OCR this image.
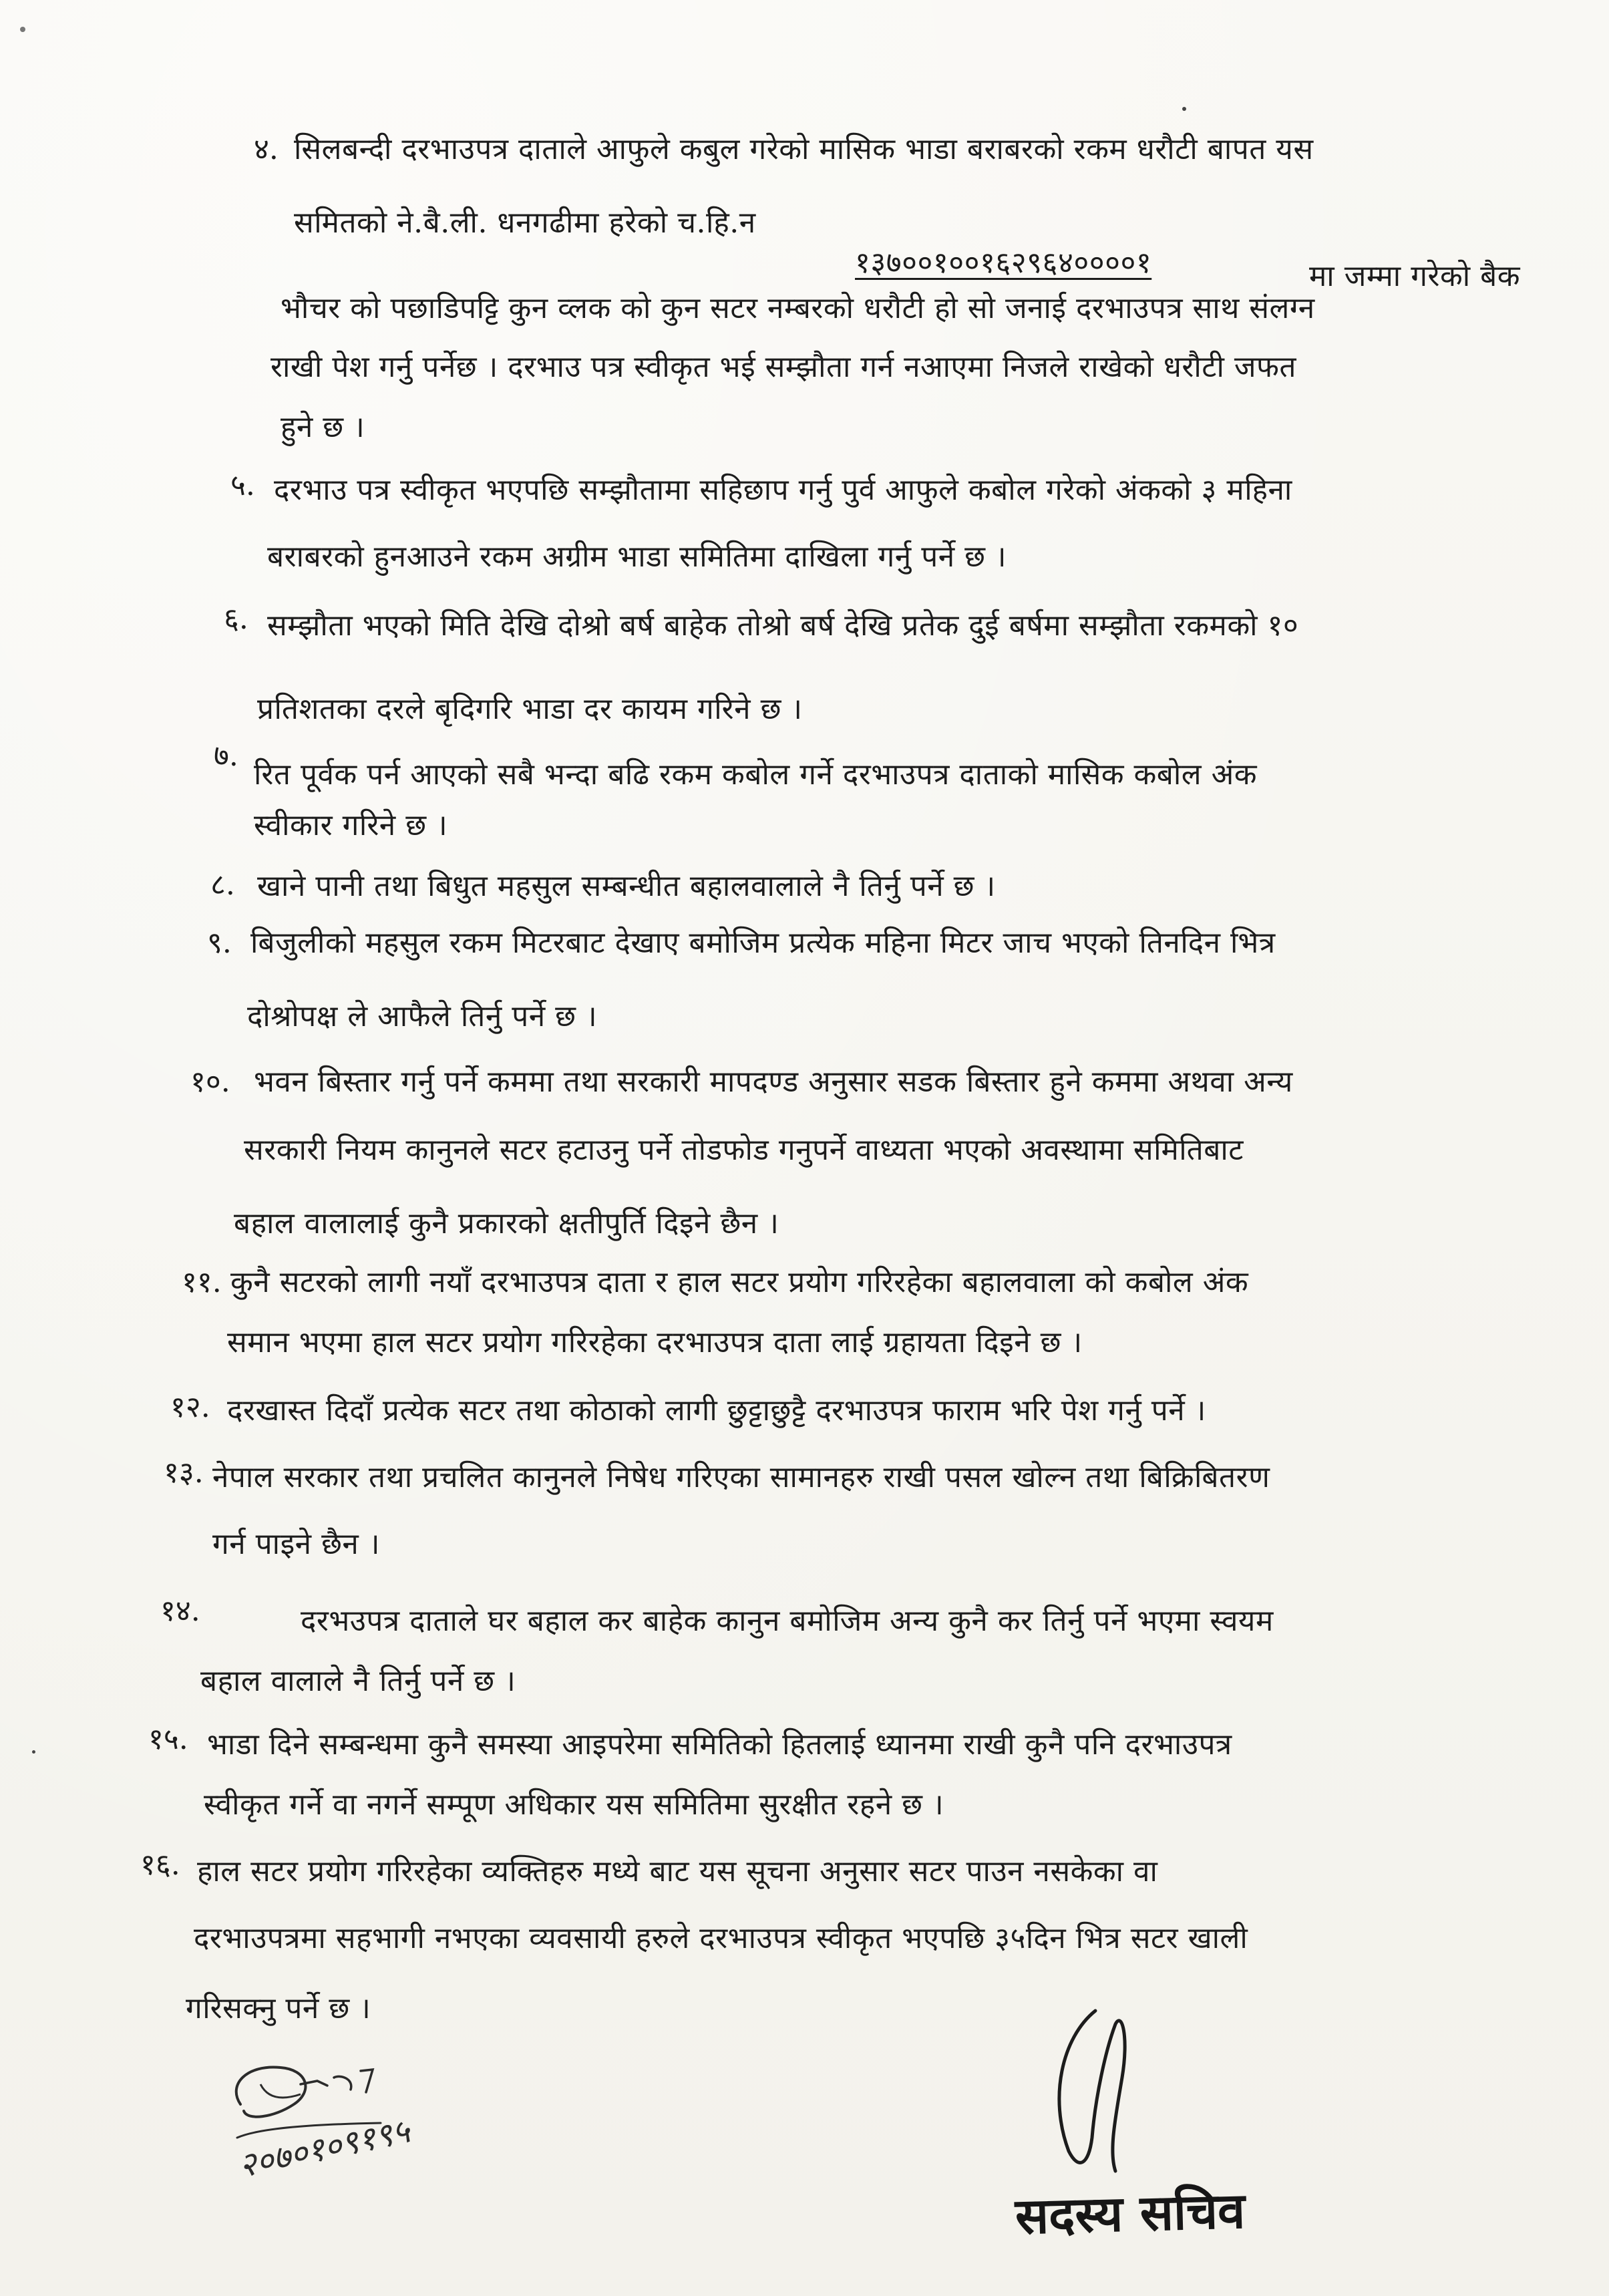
४. सिलबन्दी दरभाउपत्र दाताले आफुले कबुल गरेको मासिक भाडा बराबरको रकम धरौटी बापत यस
समितको ने.बै.ली. धनगढीमा हरेको च.हि.न
१३७००१००१६२९६४००००१	मा जम्मा गरेको बैक
भौचर को पछाडिपट्टि कुन व्लक को कुन सटर नम्बरको धरौटी हो सो जनाई दरभाउपत्र साथ संलग्न
राखी पेश गर्नु पर्नेछ । दरभाउ पत्र स्वीकृत भई सम्झौता गर्न नआएमा निजले राखेको धरौटी जफत
हुने छ ।
५. दरभाउ पत्र स्वीकृत भएपछि सम्झौतामा सहिछाप गर्नु पुर्व आफुले कबोल गरेको अंकको ३ महिना
बराबरको हुनआउने रकम अग्रीम भाडा समितिमा दाखिला गर्नु पर्ने छ ।
६. सम्झौता भएको मिति देखि दोश्रो बर्ष बाहेक तोश्रो बर्ष देखि प्रतेक दुई बर्षमा सम्झौता रकमको १०
प्रतिशतका दरले बृदिगरि भाडा दर कायम गरिने छ ।
७.
रित पूर्वक पर्न आएको सबै भन्दा बढि रकम कबोल गर्ने दरभाउपत्र दाताको मासिक कबोल अंक
स्वीकार गरिने छ ।
८. खाने पानी तथा बिधुत महसुल सम्बन्धीत बहालवालाले नै तिर्नु पर्ने छ ।
९. बिजुलीको महसुल रकम मिटरबाट देखाए बमोजिम प्रत्येक महिना मिटर जाच भएको तिनदिन भित्र
दोश्रोपक्ष ले आफैले तिर्नु पर्ने छ ।
१०. भवन बिस्तार गर्नु पर्ने कममा तथा सरकारी मापदण्ड अनुसार सडक बिस्तार हुने कममा अथवा अन्य
सरकारी नियम कानुनले सटर हटाउनु पर्ने तोडफोड गनुपर्ने वाध्यता भएको अवस्थामा समितिबाट
बहाल वालालाई कुनै प्रकारको क्षतीपुर्ति दिइने छैन ।
११. कुनै सटरको लागी नयाँ दरभाउपत्र दाता र हाल सटर प्रयोग गरिरहेका बहालवाला को कबोल अंक
समान भएमा हाल सटर प्रयोग गरिरहेका दरभाउपत्र दाता लाई ग्रहायता दिइने छ ।
१२. दरखास्त दिदाँ प्रत्येक सटर तथा कोठाको लागी छुट्टाछुट्टै दरभाउपत्र फाराम भरि पेश गर्नु पर्ने ।
१३. नेपाल सरकार तथा प्रचलित कानुनले निषेध गरिएका सामानहरु राखी पसल खोल्न तथा बिक्रिबितरण
गर्न पाइने छैन ।
१४.	दरभउपत्र दाताले घर बहाल कर बाहेक कानुन बमोजिम अन्य कुनै कर तिर्नु पर्ने भएमा स्वयम
बहाल वालाले नै तिर्नु पर्ने छ ।
१५. भाडा दिने सम्बन्धमा कुनै समस्या आइपरेमा समितिको हितलाई ध्यानमा राखी कुनै पनि दरभाउपत्र
स्वीकृत गर्ने वा नगर्ने सम्पूण अधिकार यस समितिमा सुरक्षीत रहने छ ।
१६. हाल सटर प्रयोग गरिरहेका व्यक्तिहरु मध्ये बाट यस सूचना अनुसार सटर पाउन नसकेका वा
दरभाउपत्रमा सहभागी नभएका व्यवसायी हरुले दरभाउपत्र स्वीकृत भएपछि ३५दिन भित्र सटर खाली
गरिसक्नु पर्ने छ ।
२०७०१०९१९५
सदस्य सचिव
